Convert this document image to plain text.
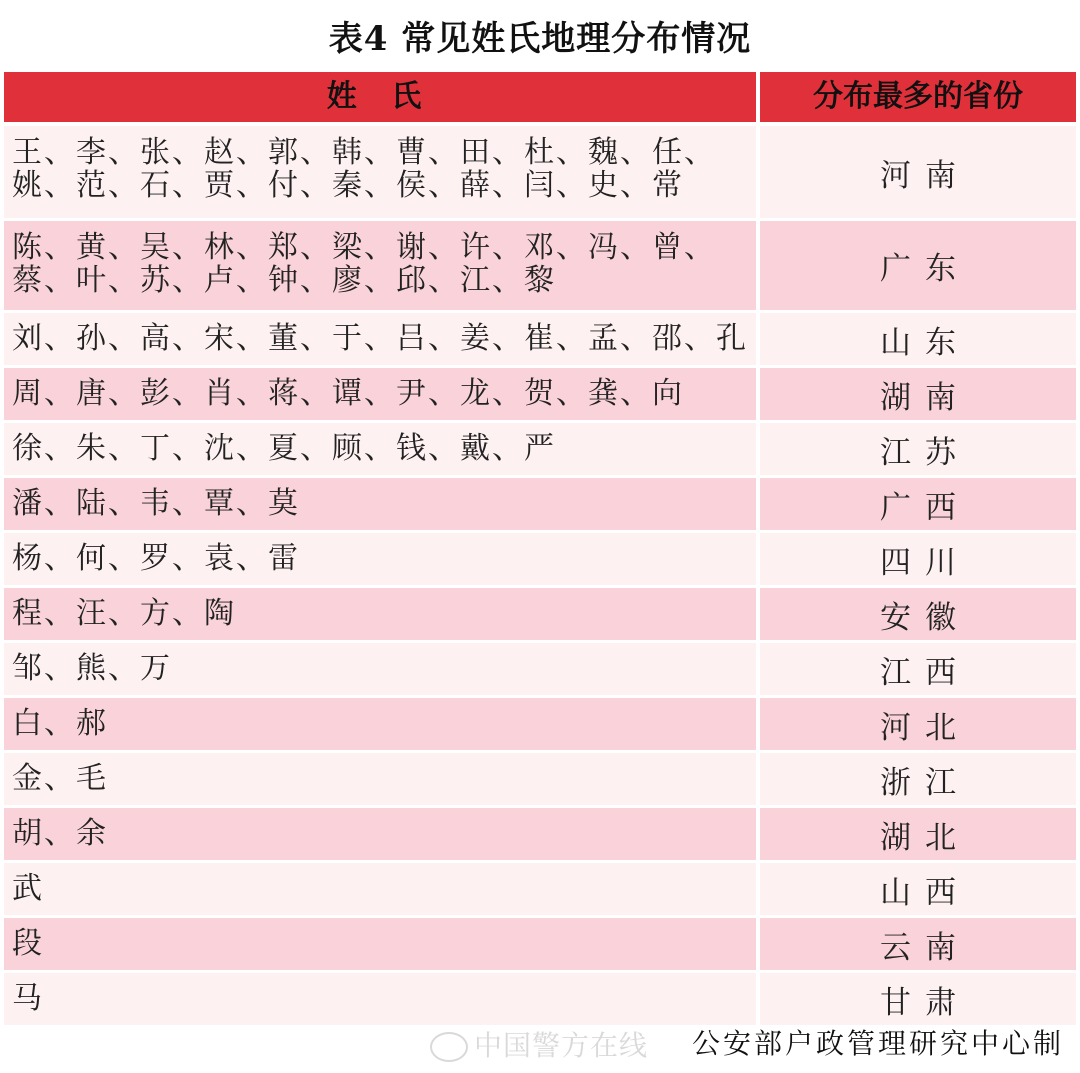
表4 常见姓氏地理分布情况
姓 氏	分布最多的省份
王、李、张、赵、郭、韩、曹、田、杜、魏、任、姚、范、石、贾、付、秦、侯、薛、闫、史、常	河南
陈、黄、吴、林、郑、梁、谢、许、邓、冯、曾、蔡、叶、苏、卢、钟、廖、邱、江、黎	广东
刘、孙、高、宋、董、于、吕、姜、崔、孟、邵、孔	山东
周、唐、彭、肖、蒋、谭、尹、龙、贺、龚、向	湖南
徐、朱、丁、沈、夏、顾、钱、戴、严	江苏
潘、陆、韦、覃、莫	广西
杨、何、罗、袁、雷	四川
程、汪、方、陶	安徽
邹、熊、万	江西
白、郝	河北
金、毛	浙江
胡、余	湖北
武	山西
段	云南
马	甘肃
中国警方在线 公安部户政管理研究中心制
